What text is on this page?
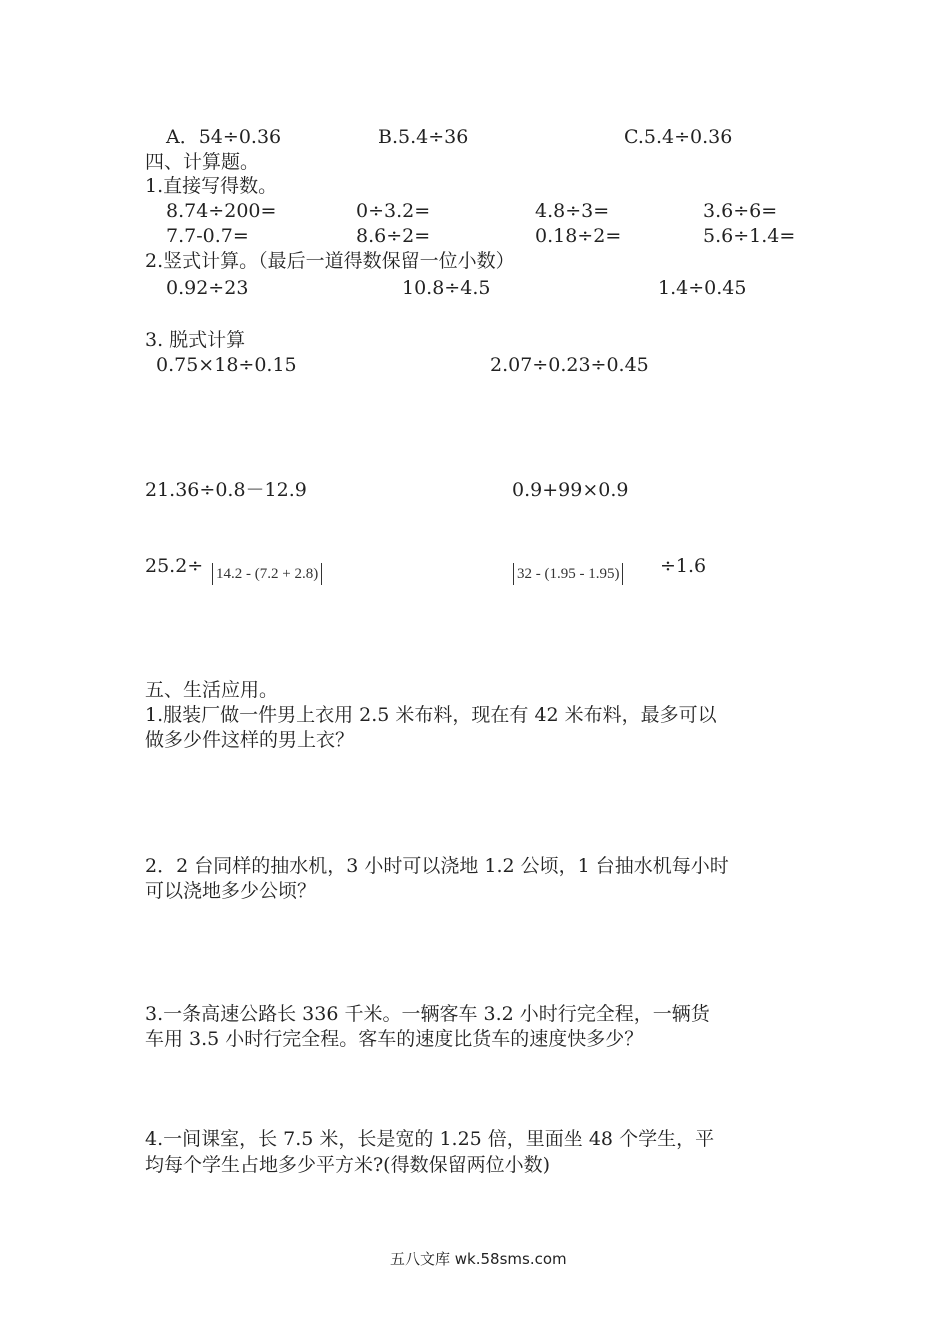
A．54÷0.36	B.5.4÷36	C.5.4÷0.36
四、计算题。
1.直接写得数。
8.74÷200=	0÷3.2=	4.8÷3=	3.6÷6=
7.7-0.7=	8.6÷2=	0.18÷2=	5.6÷1.4=
2.竖式计算。（最后一道得数保留一位小数）
0.92÷23	10.8÷4.5	1.4÷0.45
3. 脱式计算
0.75×18÷0.15	2.07÷0.23÷0.45
21.36÷0.8－12.9	0.9+99×0.9
25.2÷ 14.2 - (7.2 + 2.8)	32 - (1.95 - 1.95) ÷1.6
五、生活应用。
1.服装厂做一件男上衣用 2.5 米布料，现在有 42 米布料，最多可以
做多少件这样的男上衣？
2．2 台同样的抽水机，3 小时可以浇地 1.2 公顷，1 台抽水机每小时
可以浇地多少公顷？
3.一条高速公路长 336 千米。一辆客车 3.2 小时行完全程，一辆货
车用 3.5 小时行完全程。客车的速度比货车的速度快多少？
4.一间课室，长 7.5 米，长是宽的 1.25 倍，里面坐 48 个学生，平
均每个学生占地多少平方米?(得数保留两位小数)
五八文库 wk.58sms.com
